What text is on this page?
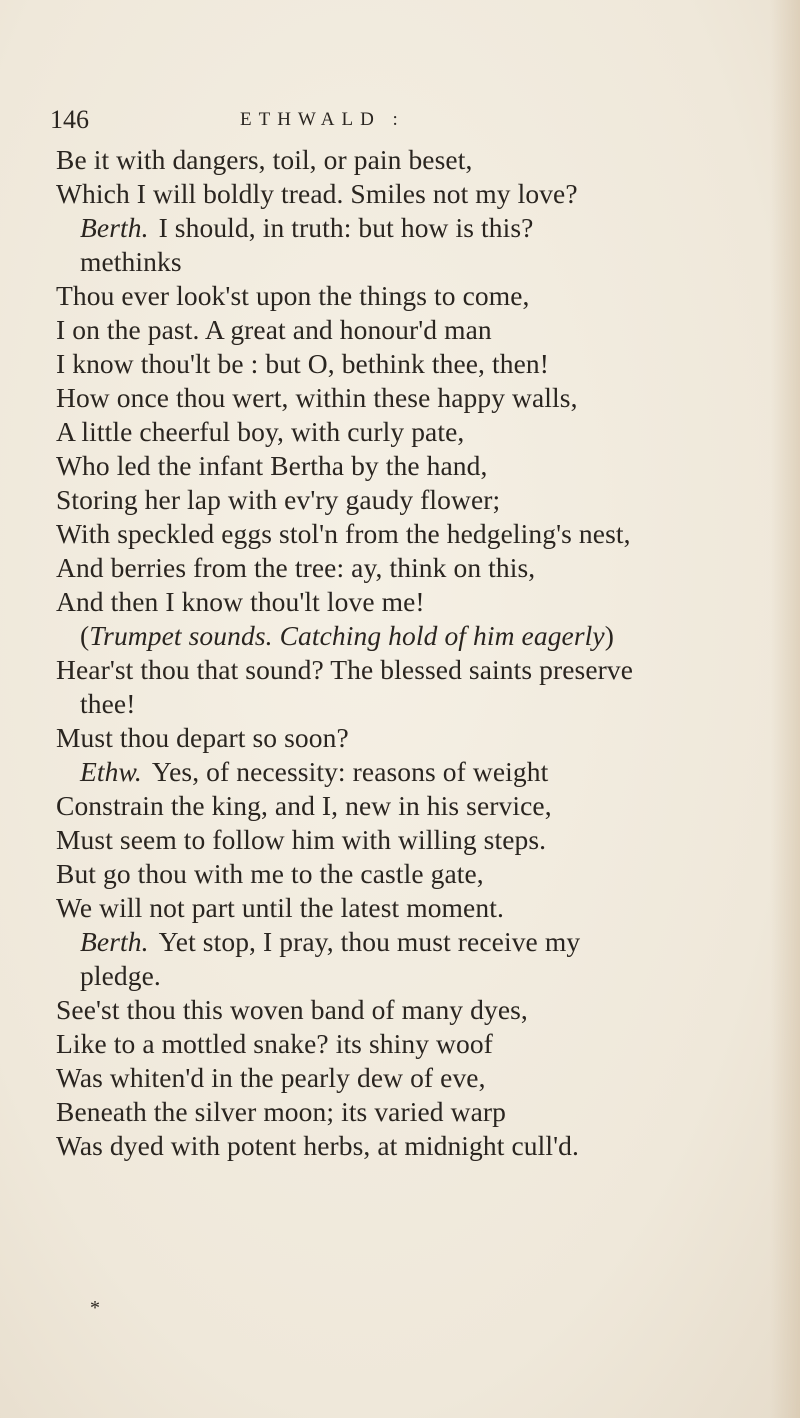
146	ETHWALD :
Be it with dangers, toil, or pain beset,
Which I will boldly tread. Smiles not my love?
Berth. I should, in truth: but how is this?
methinks
Thou ever look'st upon the things to come,
I on the past. A great and honour'd man
I know thou'lt be : but O, bethink thee, then!
How once thou wert, within these happy walls,
A little cheerful boy, with curly pate,
Who led the infant Bertha by the hand,
Storing her lap with ev'ry gaudy flower;
With speckled eggs stol'n from the hedgeling's nest,
And berries from the tree: ay, think on this,
And then I know thou'lt love me!
(Trumpet sounds. Catching hold of him eagerly)
Hear'st thou that sound? The blessed saints preserve
thee!
Must thou depart so soon?
Ethw. Yes, of necessity: reasons of weight
Constrain the king, and I, new in his service,
Must seem to follow him with willing steps.
But go thou with me to the castle gate,
We will not part until the latest moment.
Berth. Yet stop, I pray, thou must receive my
pledge.
See'st thou this woven band of many dyes,
Like to a mottled snake? its shiny woof
Was whiten'd in the pearly dew of eve,
Beneath the silver moon; its varied warp
Was dyed with potent herbs, at midnight cull'd.
*
